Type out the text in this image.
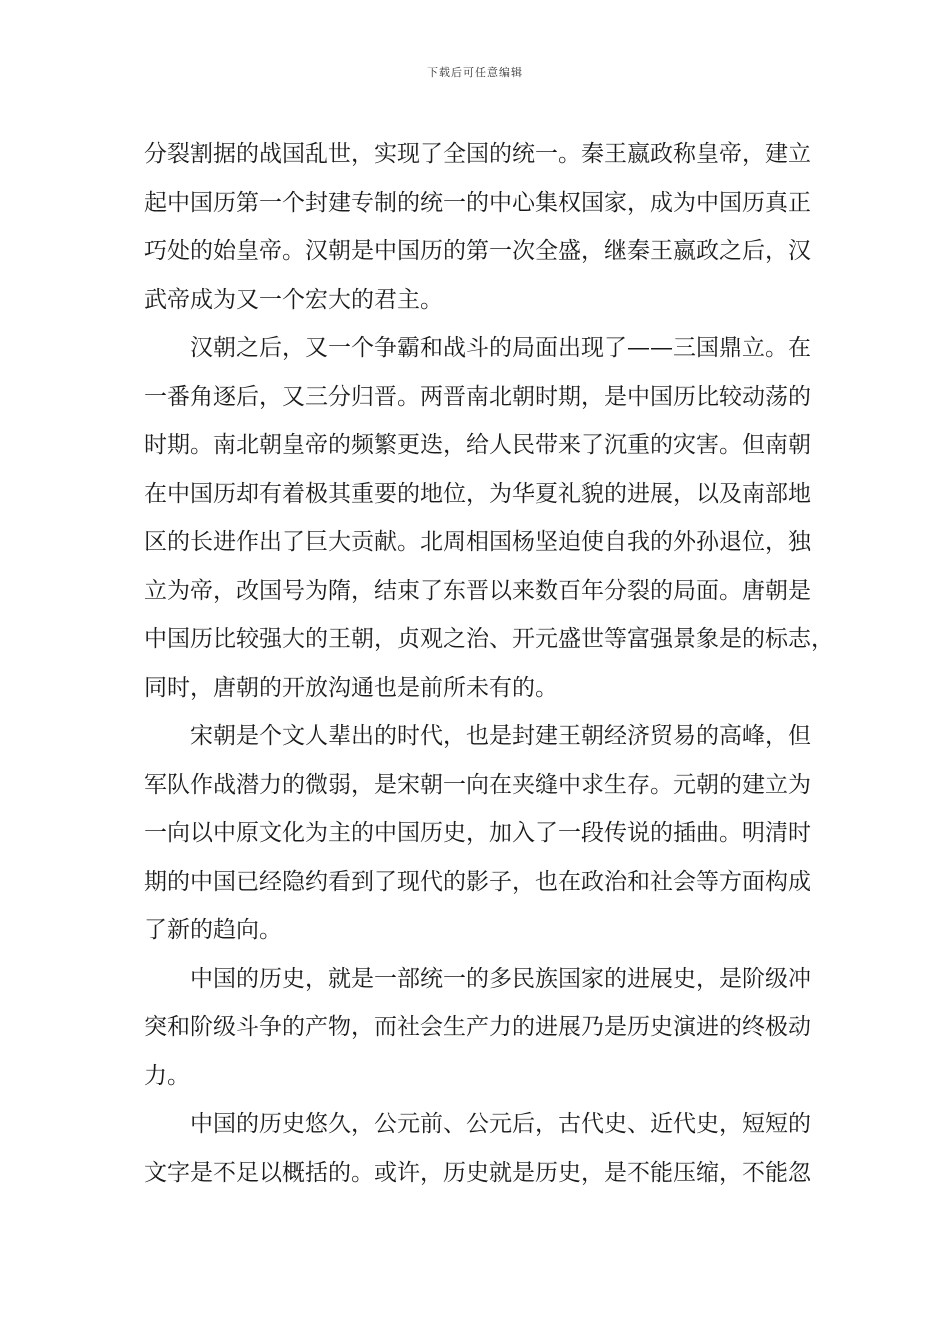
下载后可任意编辑
分裂割据的战国乱世，实现了全国的统一。秦王嬴政称皇帝，建立
起中国历第一个封建专制的统一的中心集权国家，成为中国历真正
巧处的始皇帝。汉朝是中国历的第一次全盛，继秦王嬴政之后，汉
武帝成为又一个宏大的君主。
汉朝之后，又一个争霸和战斗的局面出现了——三国鼎立。在
一番角逐后，又三分归晋。两晋南北朝时期，是中国历比较动荡的
时期。南北朝皇帝的频繁更迭，给人民带来了沉重的灾害。但南朝
在中国历却有着极其重要的地位，为华夏礼貌的进展，以及南部地
区的长进作出了巨大贡献。北周相国杨坚迫使自我的外孙退位，独
立为帝，改国号为隋，结束了东晋以来数百年分裂的局面。唐朝是
中国历比较强大的王朝，贞观之治、开元盛世等富强景象是的标志，
同时，唐朝的开放沟通也是前所未有的。
宋朝是个文人辈出的时代，也是封建王朝经济贸易的高峰，但
军队作战潜力的微弱，是宋朝一向在夹缝中求生存。元朝的建立为
一向以中原文化为主的中国历史，加入了一段传说的插曲。明清时
期的中国已经隐约看到了现代的影子，也在政治和社会等方面构成
了新的趋向。
中国的历史，就是一部统一的多民族国家的进展史，是阶级冲
突和阶级斗争的产物，而社会生产力的进展乃是历史演进的终极动
力。
中国的历史悠久，公元前、公元后，古代史、近代史，短短的
文字是不足以概括的。或许，历史就是历史，是不能压缩，不能忽
